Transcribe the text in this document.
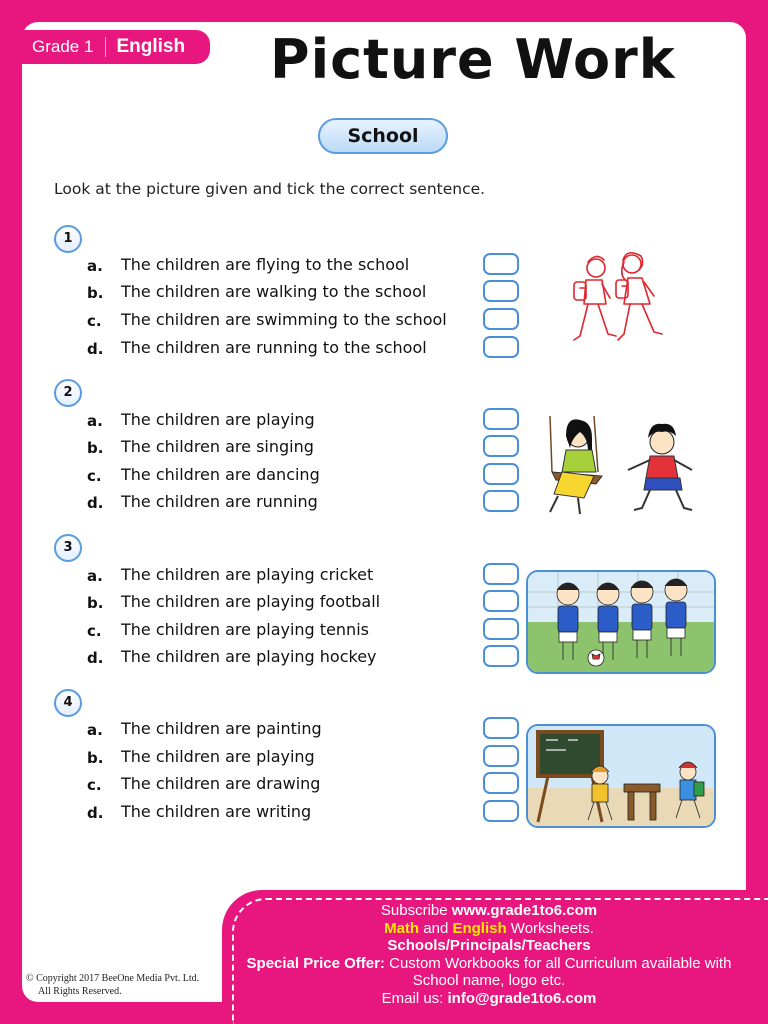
Grade 1 English Picture Work
School
Look at the picture given and tick the correct sentence.
1
a. The children are flying to the school
b. The children are walking to the school
c. The children are swimming to the school
d. The children are running to the school
2
a. The children are playing
b. The children are singing
c. The children are dancing
d. The children are running
3
a. The children are playing cricket
b. The children are playing football
c. The children are playing tennis
d. The children are playing hockey
4
a. The children are painting
b. The children are playing
c. The children are drawing
d. The children are writing
Subscribe www.grade1to6.com
Math and English Worksheets.
Schools/Principals/Teachers
Special Price Offer: Custom Workbooks for all Curriculum available with School name, logo etc.
Email us: info@grade1to6.com
© Copyright 2017 BeeOne Media Pvt. Ltd.
All Rights Reserved.
